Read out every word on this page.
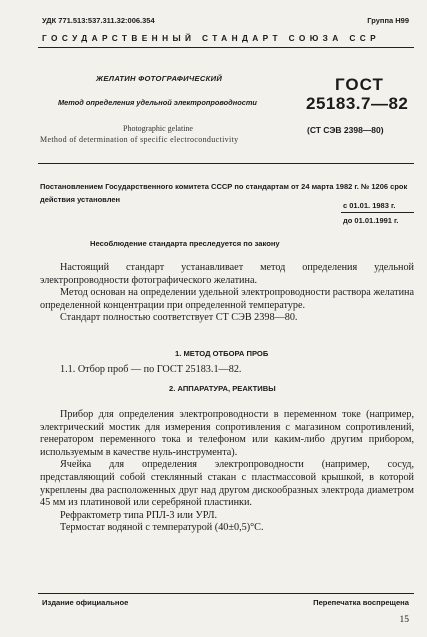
УДК 771.513:537.311.32:006.354	Группа Н99
ГОСУДАРСТВЕННЫЙ СТАНДАРТ СОЮЗА ССР
ЖЕЛАТИН ФОТОГРАФИЧЕСКИЙ
Метод определения удельной электропроводности
Photographic gelatine
Method of determination of specific electroconductivity
ГОСТ
25183.7—82
(СТ СЭВ 2398—80)
Постановлением Государственного комитета СССР по стандартам от 24 марта 1982 г. № 1206 срок действия установлен
с 01.01. 1983 г.
до 01.01.1991 г.
Несоблюдение стандарта преследуется по закону

Настоящий стандарт устанавливает метод определения удельной электропроводности фотографического желатина.

Метод основан на определении удельной электропроводности раствора желатина определенной концентрации при определенной температуре.

Стандарт полностью соответствует СТ СЭВ 2398—80.

1. МЕТОД ОТБОРА ПРОБ

1.1. Отбор проб — по ГОСТ 25183.1—82.

2. АППАРАТУРА, РЕАКТИВЫ

Прибор для определения электропроводности в переменном токе (например, электрический мостик для измерения сопротивления с магазином сопротивлений, генератором переменного тока и телефоном или каким-либо другим прибором, используемым в качестве нуль-инструмента).

Ячейка для определения электропроводности (например, сосуд, представляющий собой стеклянный стакан с пластмассовой крышкой, в которой укреплены два расположенных друг над другом дискообразных электрода диаметром 45 мм из платиновой или серебряной пластинки.

Рефрактометр типа РПЛ-3 или УРЛ.

Термостат водяной с температурой (40±0,5)°С.

Издание официальное	Перепечатка воспрещена
15
